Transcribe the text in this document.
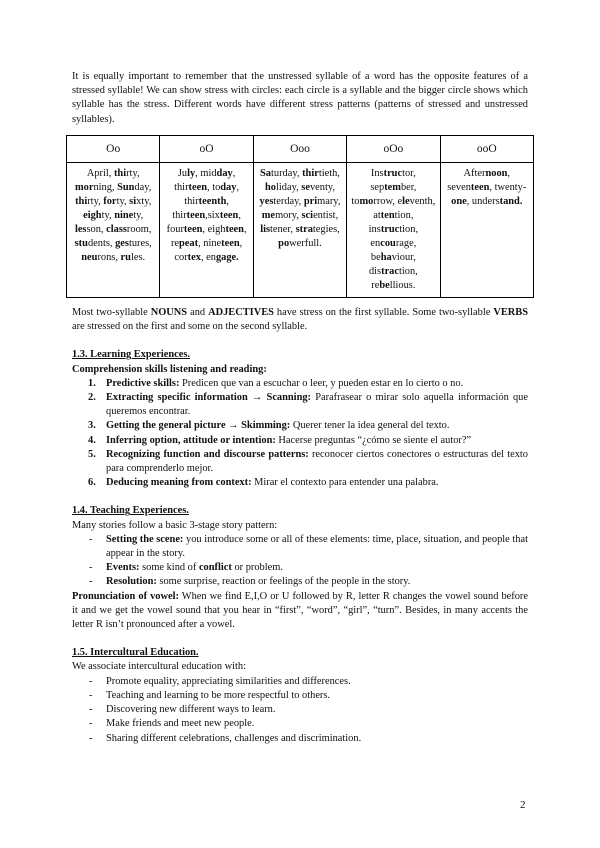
It is equally important to remember that the unstressed syllable of a word has the opposite features of a stressed syllable! We can show stress with circles: each circle is a syllable and the bigger circle shows which syllable has the stress. Different words have different stress patterns (patterns of stressed and unstressed syllables).

Oo	oO	Ooo	oOo	ooO
April, thirty, morning, Sunday, thirty, forty, sixty, eighty, ninety, lesson, classroom, students, gestures, neurons, rules.	July, midday, thirteen, today, thirteenth, thirteen,sixteen, fourteen, eighteen, repeat, nineteen, cortex, engage.	Saturday, thirtieth, holiday, seventy, yesterday, primary, memory, scientist, listener, strategies, powerfull.	Instructor, september, tomorrow, eleventh, attention, instruction, encourage, behaviour, distraction, rebellious.	Afternoon, seventeen, twenty-one, understand.

Most two-syllable NOUNS and ADJECTIVES have stress on the first syllable. Some two-syllable VERBS are stressed on the first and some on the second syllable.

1.3. Learning Experiences.
Comprehension skills listening and reading:
1. Predictive skills: Predicen que van a escuchar o leer, y pueden estar en lo cierto o no.
2. Extracting specific information → Scanning: Parafrasear o mirar solo aquella información que queremos encontrar.
3. Getting the general picture → Skimming: Querer tener la idea general del texto.
4. Inferring option, attitude or intention: Hacerse preguntas “¿cómo se siente el autor?”
5. Recognizing function and discourse patterns: reconocer ciertos conectores o estructuras del texto para comprenderlo mejor.
6. Deducing meaning from context: Mirar el contexto para entender una palabra.
1.4. Teaching Experiences.
Many stories follow a basic 3-stage story pattern:
- Setting the scene: you introduce some or all of these elements: time, place, situation, and people that appear in the story.
- Events: some kind of conflict or problem.
- Resolution: some surprise, reaction or feelings of the people in the story.

Pronunciation of vowel: When we find E,I,O or U followed by R, letter R changes the vowel sound before it and we get the vowel sound that you hear in “first”, “word”, “girl”, “turn”. Besides, in many accents the letter R isn’t pronounced after a vowel.

1.5. Intercultural Education.
We associate intercultural education with:
- Promote equality, appreciating similarities and differences.
- Teaching and learning to be more respectful to others.
- Discovering new different ways to learn.
- Make friends and meet new people.
- Sharing different celebrations, challenges and discrimination.
2
